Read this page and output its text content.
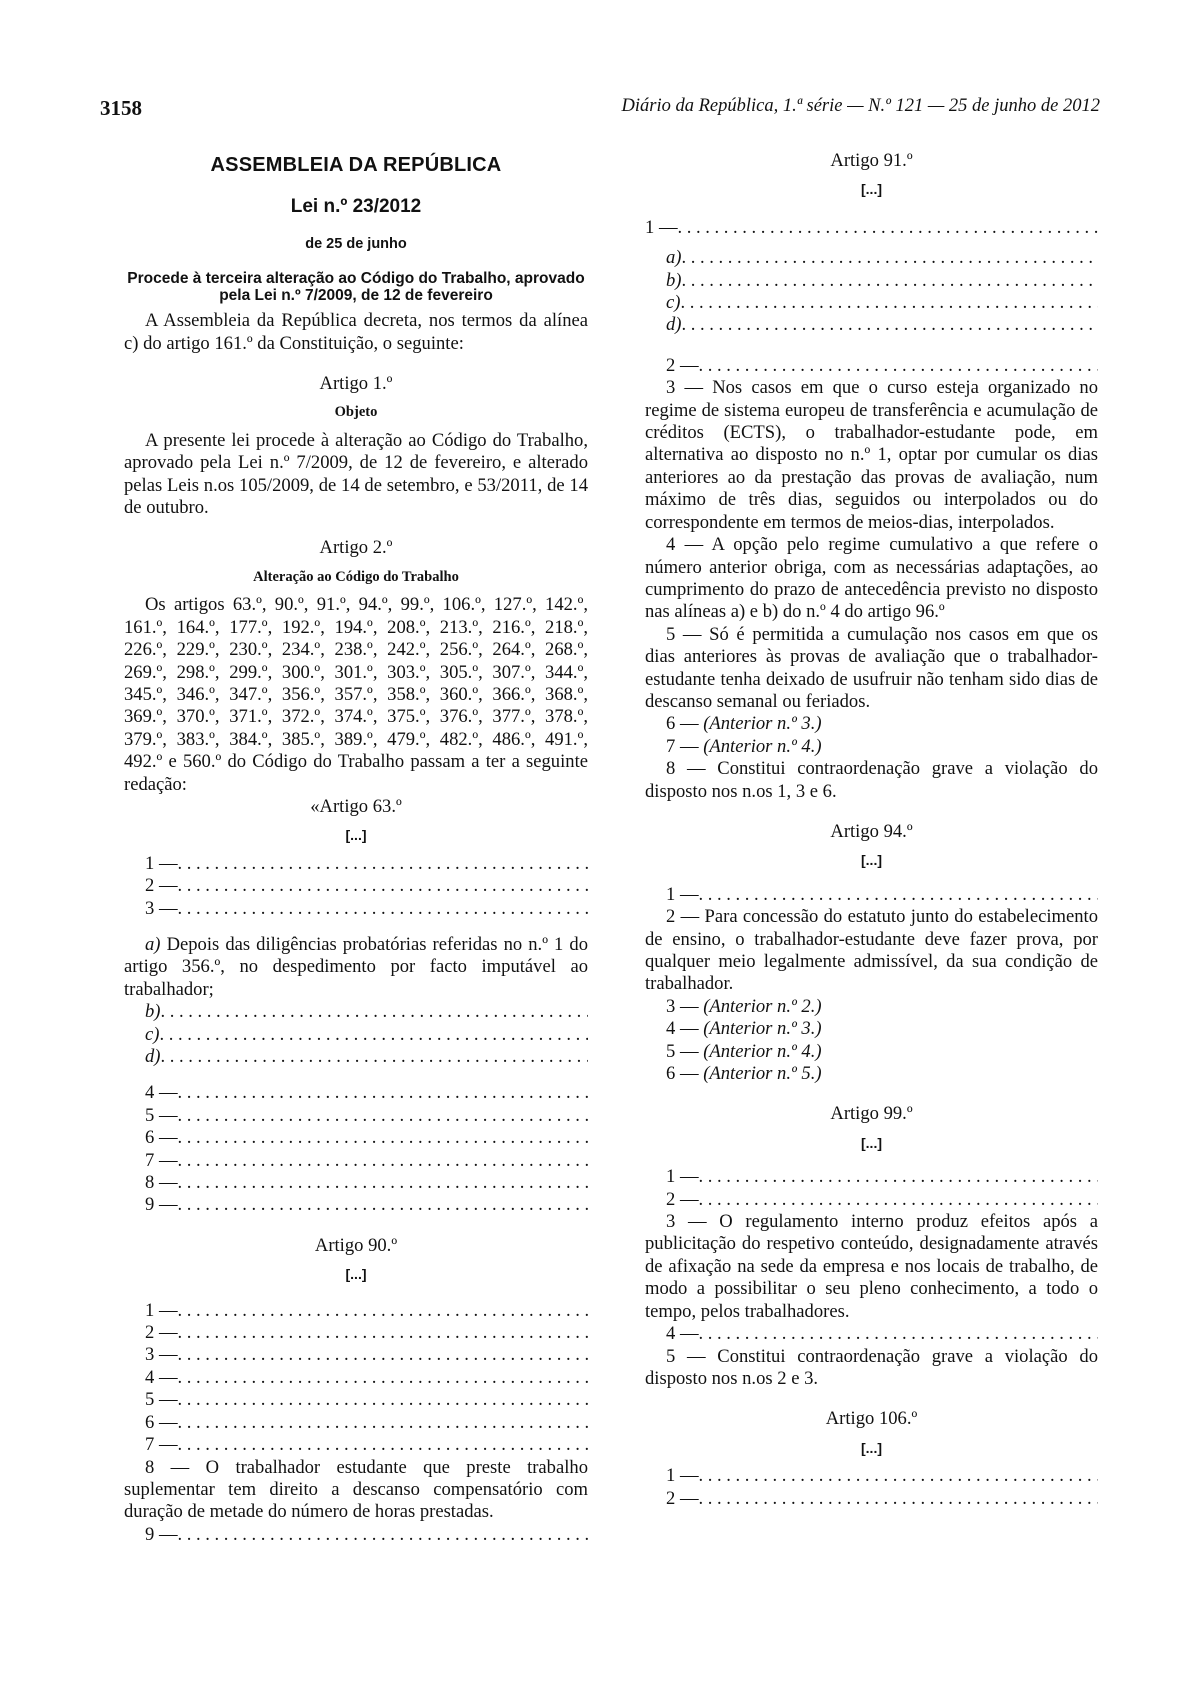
3158	Diário da República, 1.ª série — N.º 121 — 25 de junho de 2012
ASSEMBLEIA DA REPÚBLICA
Lei n.º 23/2012
de 25 de junho
Procede à terceira alteração ao Código do Trabalho, aprovado pela Lei n.º 7/2009, de 12 de fevereiro

A Assembleia da República decreta, nos termos da alínea c) do artigo 161.º da Constituição, o seguinte:

Artigo 1.º
Objeto

A presente lei procede à alteração ao Código do Trabalho, aprovado pela Lei n.º 7/2009, de 12 de fevereiro, e alterado pelas Leis n.os 105/2009, de 14 de setembro, e 53/2011, de 14 de outubro.

Artigo 2.º
Alteração ao Código do Trabalho

Os artigos 63.º, 90.º, 91.º, 94.º, 99.º, 106.º, 127.º, 142.º, 161.º, 164.º, 177.º, 192.º, 194.º, 208.º, 213.º, 216.º, 218.º, 226.º, 229.º, 230.º, 234.º, 238.º, 242.º, 256.º, 264.º, 268.º, 269.º, 298.º, 299.º, 300.º, 301.º, 303.º, 305.º, 307.º, 344.º, 345.º, 346.º, 347.º, 356.º, 357.º, 358.º, 360.º, 366.º, 368.º, 369.º, 370.º, 371.º, 372.º, 374.º, 375.º, 376.º, 377.º, 378.º, 379.º, 383.º, 384.º, 385.º, 389.º, 479.º, 482.º, 486.º, 491.º, 492.º e 560.º do Código do Trabalho passam a ter a seguinte redação:

«Artigo 63.º
[...]
1 —
.....
2 —
.....
3 —
.....

a) Depois das diligências probatórias referidas no n.º 1 do artigo 356.º, no despedimento por facto imputável ao trabalhador;

b)
.....
c)
.....
d)
.....
4 —
.....
5 —
.....
6 —
.....
7 —
.....
8 —
.....
9 —
.....
Artigo 90.º
[...]
1 —
.....
2 —
.....
3 —
.....
4 —
.....
5 —
.....
6 —
.....
7 —
.....

8 — O trabalhador estudante que preste trabalho suplementar tem direito a descanso compensatório com duração de metade do número de horas prestadas.

9 —
.....
Artigo 91.º
[...]
1 —
.....
a)
.....
b)
.....
c)
.....
d)
.....
2 —
.....

3 — Nos casos em que o curso esteja organizado no regime de sistema europeu de transferência e acumulação de créditos (ECTS), o trabalhador-estudante pode, em alternativa ao disposto no n.º 1, optar por cumular os dias anteriores ao da prestação das provas de avaliação, num máximo de três dias, seguidos ou interpolados ou do correspondente em termos de meios-dias, interpolados.

4 — A opção pelo regime cumulativo a que refere o número anterior obriga, com as necessárias adaptações, ao cumprimento do prazo de antecedência previsto no disposto nas alíneas a) e b) do n.º 4 do artigo 96.º

5 — Só é permitida a cumulação nos casos em que os dias anteriores às provas de avaliação que o trabalhador-estudante tenha deixado de usufruir não tenham sido dias de descanso semanal ou feriados.

6 — (Anterior n.º 3.)

7 — (Anterior n.º 4.)

8 — Constitui contraordenação grave a violação do disposto nos n.os 1, 3 e 6.

Artigo 94.º
[...]
1 —
.....

2 — Para concessão do estatuto junto do estabelecimento de ensino, o trabalhador-estudante deve fazer prova, por qualquer meio legalmente admissível, da sua condição de trabalhador.

3 — (Anterior n.º 2.)

4 — (Anterior n.º 3.)

5 — (Anterior n.º 4.)

6 — (Anterior n.º 5.)

Artigo 99.º
[...]
1 —
.....
2 —
.....

3 — O regulamento interno produz efeitos após a publicitação do respetivo conteúdo, designadamente através de afixação na sede da empresa e nos locais de trabalho, de modo a possibilitar o seu pleno conhecimento, a todo o tempo, pelos trabalhadores.

4 —
.....

5 — Constitui contraordenação grave a violação do disposto nos n.os 2 e 3.

Artigo 106.º
[...]
1 —
.....
2 —
.....
